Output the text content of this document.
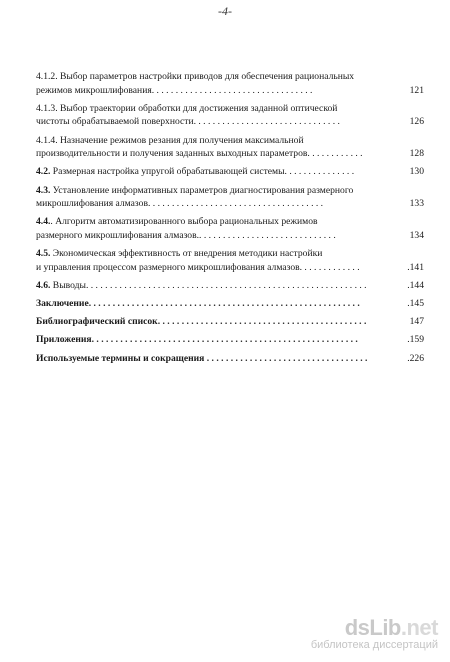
-4-
4.1.2. Выбор параметров настройки приводов для обеспечения рациональных
режимов микрошлифования. . . . . . . . . . . . . . . . . . . . . . . . . . . . . . . . . .	121
4.1.3. Выбор траектории обработки для достижения заданной оптической
чистоты обрабатываемой поверхности. . . . . . . . . . . . . . . . . . . . . . . . . . . . . . .	126
4.1.4. Назначение режимов резания для получения максимальной
производительности и получения заданных выходных параметров. . . . . . . . . . . .	128
4.2. Размерная настройка упругой обрабатывающей системы. . . . . . . . . . . . . . .	130
4.3. Установление информативных параметров диагностирования размерного
микрошлифования алмазов. . . . . . . . . . . . . . . . . . . . . . . . . . . . . . . . . . . . .	133
4.4.. Алгоритм автоматизированного выбора рациональных режимов
размерного микрошлифования алмазов.. . . . . . . . . . . . . . . . . . . . . . . . . . . . .	134
4.5. Экономическая эффективность от внедрения методики настройки
и управления процессом размерного микрошлифования алмазов. . . . . . . . . . . . .	.141
4.6. Выводы. . . . . . . . . . . . . . . . . . . . . . . . . . . . . . . . . . . . . . . . . . . . . . . . . . . . . . . . . . .	.144
Заключение. . . . . . . . . . . . . . . . . . . . . . . . . . . . . . . . . . . . . . . . . . . . . . . . . . . . . . . . .	.145
Библиографический список. . . . . . . . . . . . . . . . . . . . . . . . . . . . . . . . . . . . . . . . . . . .	147
Приложения. . . . . . . . . . . . . . . . . . . . . . . . . . . . . . . . . . . . . . . . . . . . . . . . . . . . . . . .	.159
Используемые термины и сокращения . . . . . . . . . . . . . . . . . . . . . . . . . . . . . . . . . .	.226
dsLib.net
библиотека диссертаций
